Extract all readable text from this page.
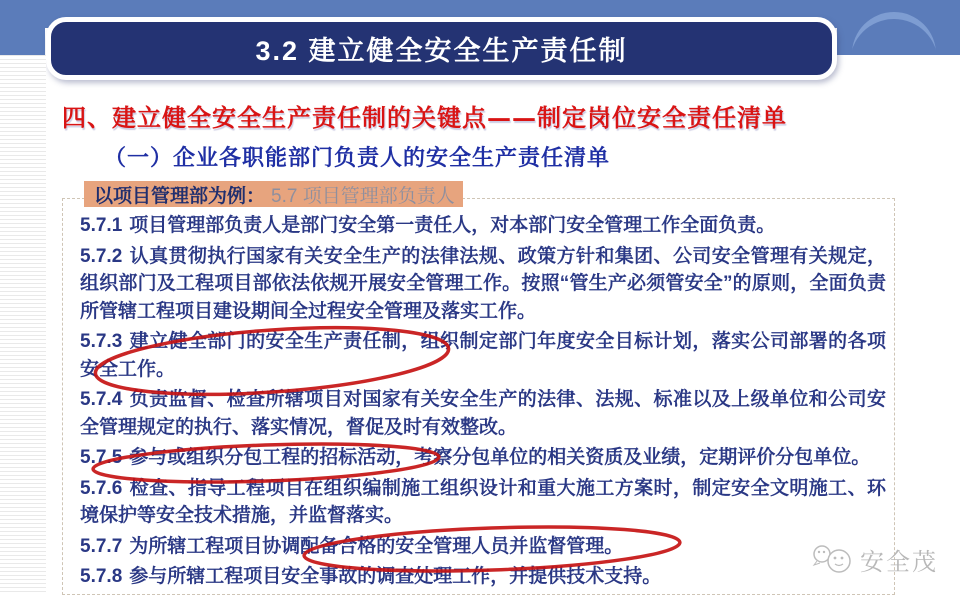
3.2 建立健全安全生产责任制
四、建立健全安全生产责任制的关键点——制定岗位安全责任清单
（一）企业各职能部门负责人的安全生产责任清单
以项目管理部为例： 5.7 项目管理部负责人

5.7.1 项目管理部负责人是部门安全第一责任人，对本部门安全管理工作全面负责。

5.7.2 认真贯彻执行国家有关安全生产的法律法规、政策方针和集团、公司安全管理有关规定，组织部门及工程项目部依法依规开展安全管理工作。按照“管生产必须管安全”的原则，全面负责所管辖工程项目建设期间全过程安全管理及落实工作。

5.7.3 建立健全部门的安全生产责任制，组织制定部门年度安全目标计划，落实公司部署的各项安全工作。

5.7.4 负责监督、检查所辖项目对国家有关安全生产的法律、法规、标准以及上级单位和公司安全管理规定的执行、落实情况，督促及时有效整改。

5.7.5 参与或组织分包工程的招标活动，考察分包单位的相关资质及业绩，定期评价分包单位。

5.7.6 检查、指导工程项目在组织编制施工组织设计和重大施工方案时，制定安全文明施工、环境保护等安全技术措施，并监督落实。

5.7.7 为所辖工程项目协调配备合格的安全管理人员并监督管理。

5.7.8 参与所辖工程项目安全事故的调查处理工作，并提供技术支持。

安全茂
